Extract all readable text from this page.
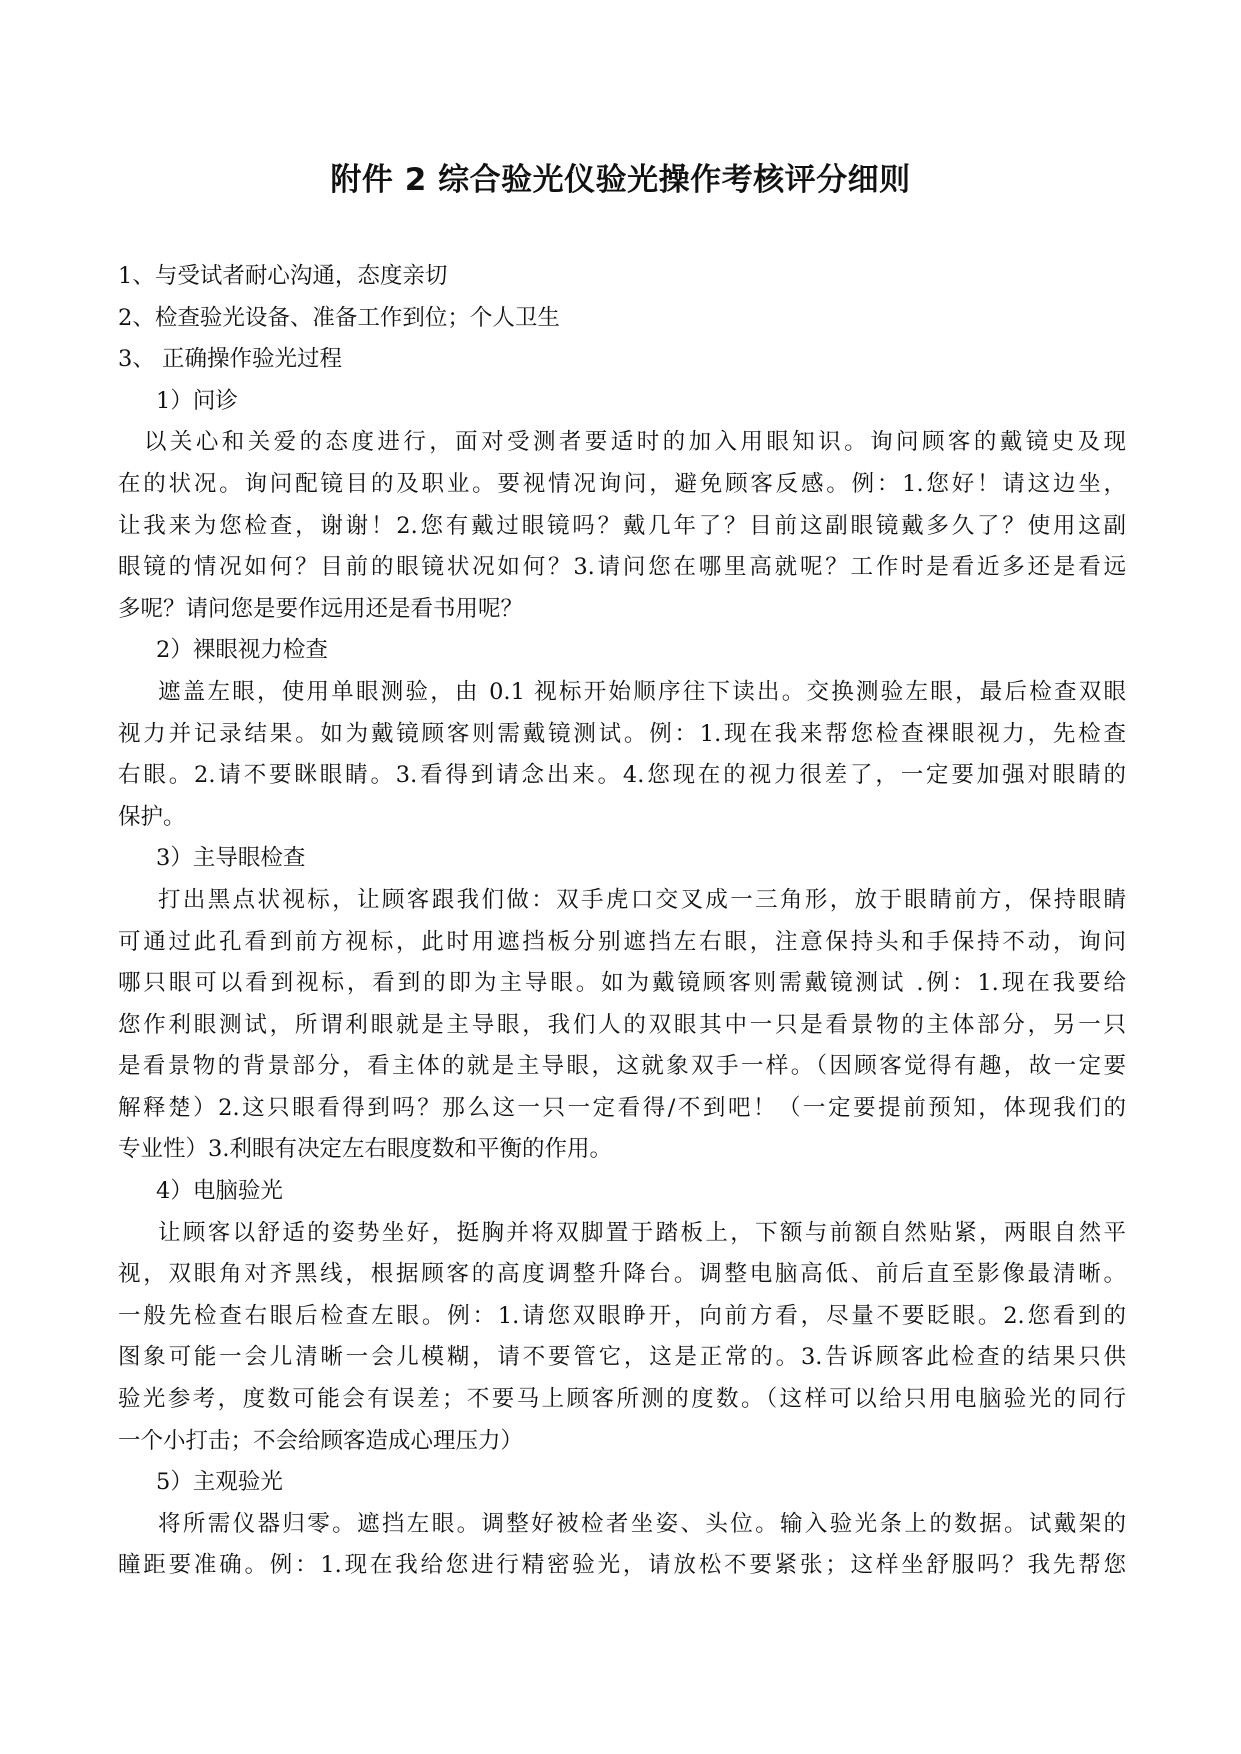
附件 2 综合验光仪验光操作考核评分细则
1、与受试者耐心沟通，态度亲切
2、检查验光设备、准备工作到位；个人卫生
3、 正确操作验光过程
1）问诊
以关心和关爱的态度进行，面对受测者要适时的加入用眼知识。询问顾客的戴镜史及现
在的状况。询问配镜目的及职业。要视情况询问，避免顾客反感。例：1.您好！请这边坐，
让我来为您检查，谢谢！2.您有戴过眼镜吗？戴几年了？目前这副眼镜戴多久了？使用这副
眼镜的情况如何？目前的眼镜状况如何？3.请问您在哪里高就呢？工作时是看近多还是看远
多呢？请问您是要作远用还是看书用呢？
2）裸眼视力检查
遮盖左眼，使用单眼测验，由 0.1 视标开始顺序往下读出。交换测验左眼，最后检查双眼
视力并记录结果。如为戴镜顾客则需戴镜测试。例：1.现在我来帮您检查裸眼视力，先检查
右眼。2.请不要眯眼睛。3.看得到请念出来。4.您现在的视力很差了，一定要加强对眼睛的
保护。
3）主导眼检查
打出黑点状视标，让顾客跟我们做：双手虎口交叉成一三角形，放于眼睛前方，保持眼睛
可通过此孔看到前方视标，此时用遮挡板分别遮挡左右眼，注意保持头和手保持不动，询问
哪只眼可以看到视标，看到的即为主导眼。如为戴镜顾客则需戴镜测试 .例：1.现在我要给
您作利眼测试，所谓利眼就是主导眼，我们人的双眼其中一只是看景物的主体部分，另一只
是看景物的背景部分，看主体的就是主导眼，这就象双手一样。（因顾客觉得有趣，故一定要
解释楚）2.这只眼看得到吗？那么这一只一定看得/不到吧！（一定要提前预知，体现我们的
专业性）3.利眼有决定左右眼度数和平衡的作用。
4）电脑验光
让顾客以舒适的姿势坐好，挺胸并将双脚置于踏板上，下额与前额自然贴紧，两眼自然平
视，双眼角对齐黑线，根据顾客的高度调整升降台。调整电脑高低、前后直至影像最清晰。
一般先检查右眼后检查左眼。例：1.请您双眼睁开，向前方看，尽量不要眨眼。2.您看到的
图象可能一会儿清晰一会儿模糊，请不要管它，这是正常的。3.告诉顾客此检查的结果只供
验光参考，度数可能会有误差；不要马上顾客所测的度数。（这样可以给只用电脑验光的同行
一个小打击；不会给顾客造成心理压力）
5）主观验光
将所需仪器归零。遮挡左眼。调整好被检者坐姿、头位。输入验光条上的数据。试戴架的
瞳距要准确。例：1.现在我给您进行精密验光，请放松不要紧张；这样坐舒服吗？我先帮您
